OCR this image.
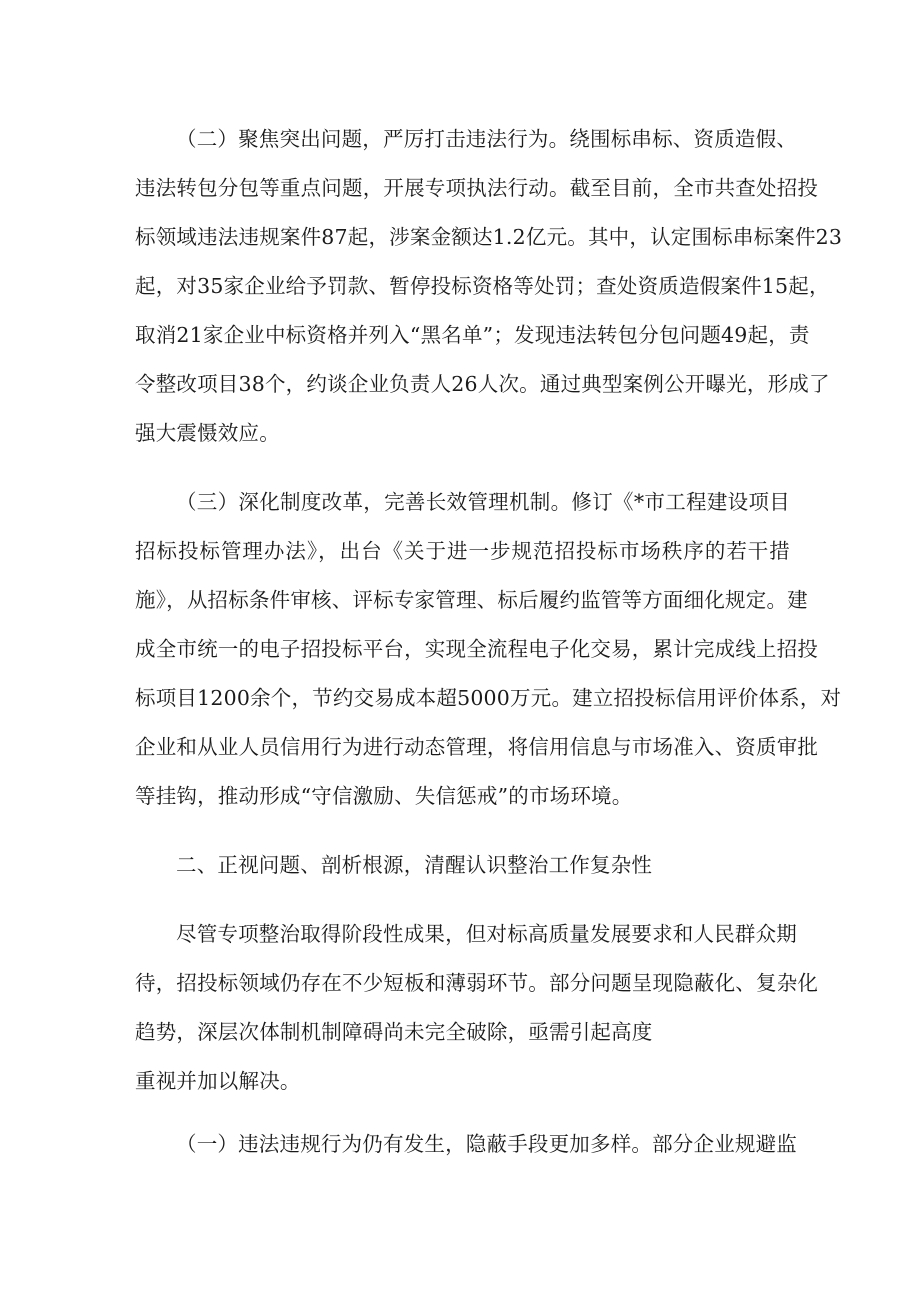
（二）聚焦突出问题，严厉打击违法行为。绕围标串标、资质造假、
违法转包分包等重点问题，开展专项执法行动。截至目前，全市共查处招投
标领域违法违规案件87起，涉案金额达1.2亿元。其中，认定围标串标案件23
起，对35家企业给予罚款、暂停投标资格等处罚；查处资质造假案件15起，
取消21家企业中标资格并列入“黑名单”；发现违法转包分包问题49起，责
令整改项目38个，约谈企业负责人26人次。通过典型案例公开曝光，形成了
强大震慑效应。
（三）深化制度改革，完善长效管理机制。修订《*市工程建设项目
招标投标管理办法》，出台《关于进一步规范招投标市场秩序的若干措
施》，从招标条件审核、评标专家管理、标后履约监管等方面细化规定。建
成全市统一的电子招投标平台，实现全流程电子化交易，累计完成线上招投
标项目1200余个，节约交易成本超5000万元。建立招投标信用评价体系，对
企业和从业人员信用行为进行动态管理，将信用信息与市场准入、资质审批
等挂钩，推动形成“守信激励、失信惩戒”的市场环境。
二、正视问题、剖析根源，清醒认识整治工作复杂性
尽管专项整治取得阶段性成果，但对标高质量发展要求和人民群众期
待，招投标领域仍存在不少短板和薄弱环节。部分问题呈现隐蔽化、复杂化
趋势，深层次体制机制障碍尚未完全破除，亟需引起高度
重视并加以解决。
（一）违法违规行为仍有发生，隐蔽手段更加多样。部分企业规避监
